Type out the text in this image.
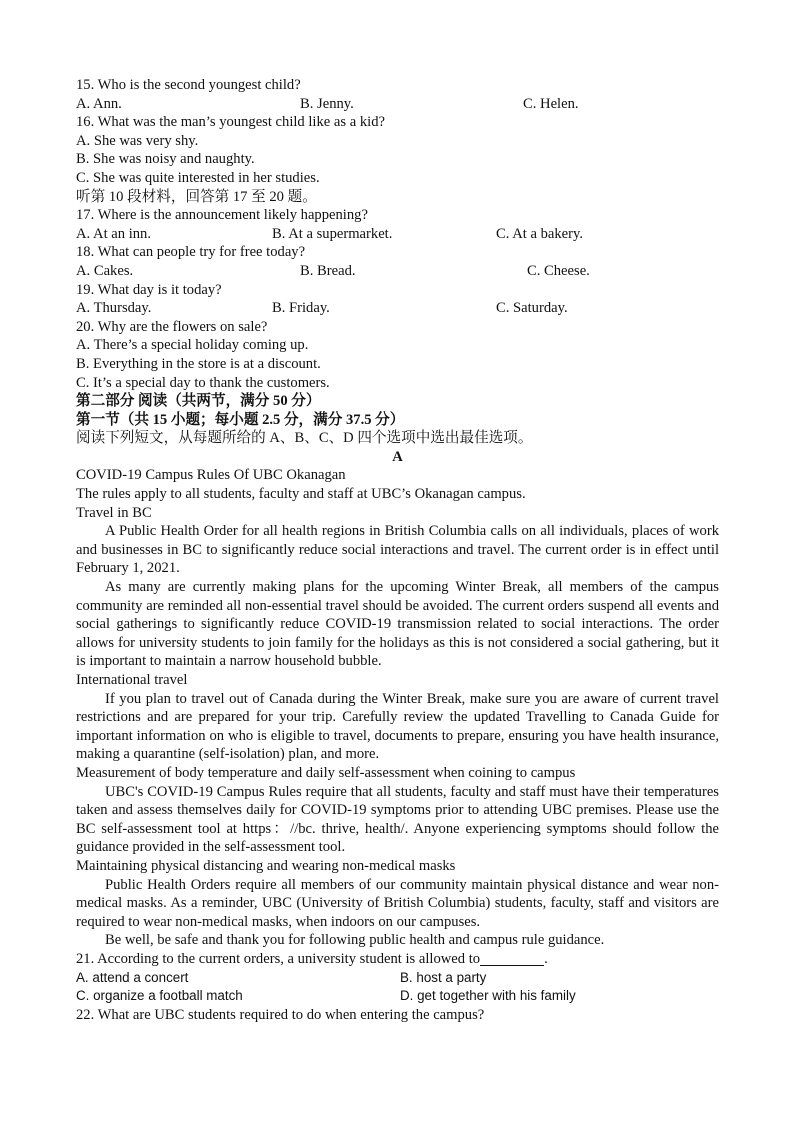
15. Who is the second youngest child?
A. Ann.	B. Jenny.	C. Helen.
16. What was the man’s youngest child like as a kid?
A. She was very shy.
B. She was noisy and naughty.
C. She was quite interested in her studies.
听第 10 段材料，回答第 17 至 20 题。
17. Where is the announcement likely happening?
A. At an inn.	B. At a supermarket.	C. At a bakery.
18. What can people try for free today?
A. Cakes.	B. Bread.	C. Cheese.
19. What day is it today?
A. Thursday.	B. Friday.	C. Saturday.
20. Why are the flowers on sale?
A. There’s a special holiday coming up.
B. Everything in the store is at a discount.
C. It’s a special day to thank the customers.
第二部分 阅读（共两节，满分 50 分）
第一节（共 15 小题；每小题 2.5 分，满分 37.5 分）
阅读下列短文，从每题所给的 A、B、C、D 四个选项中选出最佳选项。
A
COVID-19 Campus Rules Of UBC Okanagan
The rules apply to all students, faculty and staff at UBC’s Okanagan campus.
Travel in BC
A Public Health Order for all health regions in British Columbia calls on all individuals, places of work and businesses in BC to significantly reduce social interactions and travel. The current order is in effect until February 1, 2021.
As many are currently making plans for the upcoming Winter Break, all members of the campus community are reminded all non-essential travel should be avoided. The current orders suspend all events and social gatherings to significantly reduce COVID-19 transmission related to social interactions. The order allows for university students to join family for the holidays as this is not considered a social gathering, but it is important to maintain a narrow household bubble.
International travel
If you plan to travel out of Canada during the Winter Break, make sure you are aware of current travel restrictions and are prepared for your trip. Carefully review the updated Travelling to Canada Guide for important information on who is eligible to travel, documents to prepare, ensuring you have health insurance, making a quarantine (self-isolation) plan, and more.
Measurement of body temperature and daily self-assessment when coining to campus
UBC's COVID-19 Campus Rules require that all students, faculty and staff must have their temperatures taken and assess themselves daily for COVID-19 symptoms prior to attending UBC premises. Please use the BC self-assessment tool at https：//bc. thrive, health/. Anyone experiencing symptoms should follow the guidance provided in the self-assessment tool.
Maintaining physical distancing and wearing non-medical masks
Public Health Orders require all members of our community maintain physical distance and wear non-medical masks. As a reminder, UBC (University of British Columbia) students, faculty, staff and visitors are required to wear non-medical masks, when indoors on our campuses.
Be well, be safe and thank you for following public health and campus rule guidance.
21. According to the current orders, a university student is allowed to	.
A. attend a concert	B. host a party
C. organize a football match	D. get together with his family
22. What are UBC students required to do when entering the campus?
